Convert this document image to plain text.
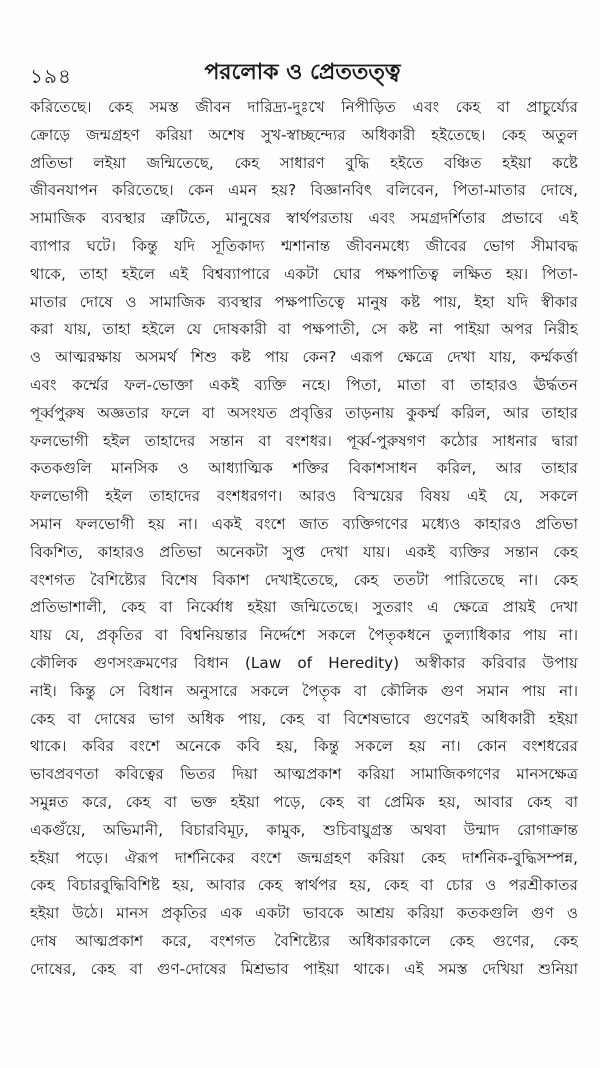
১৯৪	পরলোক ও প্রেততত্ত্ব
করিতেছে। কেহ সমস্ত জীবন দারিদ্র্য-দুঃখে নিপীড়িত এবং কেহ বা প্রাচুর্য্যের
ক্রোড়ে জন্মগ্রহণ করিয়া অশেষ সুখ-স্বাচ্ছন্দ্যের অধিকারী হইতেছে। কেহ অতুল
প্রতিভা লইয়া জন্মিতেছে, কেহ সাধারণ বুদ্ধি হইতে বঞ্চিত হইয়া কষ্টে
জীবনযাপন করিতেছে। কেন এমন হয়? বিজ্ঞানবিৎ বলিবেন, পিতা-মাতার দোষে,
সামাজিক ব্যবস্থার ত্রুটিতে, মানুষের স্বার্থপরতায় এবং সমগ্রদর্শিতার প্রভাবে এই
ব্যাপার ঘটে। কিন্তু যদি সূতিকাদ্য শ্মশানান্ত জীবনমধ্যে জীবের ভোগ সীমাবদ্ধ
থাকে, তাহা হইলে এই বিশ্বব্যাপারে একটা ঘোর পক্ষপাতিত্ব লক্ষিত হয়। পিতা-
মাতার দোষে ও সামাজিক ব্যবস্থার পক্ষপাতিত্বে মানুষ কষ্ট পায়, ইহা যদি স্বীকার
করা যায়, তাহা হইলে যে দোষকারী বা পক্ষপাতী, সে কষ্ট না পাইয়া অপর নিরীহ
ও আত্মরক্ষায় অসমর্থ শিশু কষ্ট পায় কেন? এরূপ ক্ষেত্রে দেখা যায়, কর্ম্মকর্ত্তা
এবং কর্ম্মের ফল-ভোক্তা একই ব্যক্তি নহে। পিতা, মাতা বা তাহারও ঊর্দ্ধতন
পূর্ব্বপুরুষ অজ্ঞতার ফলে বা অসংযত প্রবৃত্তির তাড়নায় কুকর্ম্ম করিল, আর তাহার
ফলভোগী হইল তাহাদের সন্তান বা বংশধর। পূর্ব্ব-পুরুষগণ কঠোর সাধনার দ্বারা
কতকগুলি মানসিক ও আধ্যাত্মিক শক্তির বিকাশসাধন করিল, আর তাহার
ফলভোগী হইল তাহাদের বংশধরগণ। আরও বিস্ময়ের বিষয় এই যে, সকলে
সমান ফলভোগী হয় না। একই বংশে জাত ব্যক্তিগণের মধ্যেও কাহারও প্রতিভা
বিকশিত, কাহারও প্রতিভা অনেকটা সুপ্ত দেখা যায়। একই ব্যক্তির সন্তান কেহ
বংশগত বৈশিষ্ট্যের বিশেষ বিকাশ দেখাইতেছে, কেহ ততটা পারিতেছে না। কেহ
প্রতিভাশালী, কেহ বা নির্ব্বোধ হইয়া জন্মিতেছে। সুতরাং এ ক্ষেত্রে প্রায়ই দেখা
যায় যে, প্রকৃতির বা বিশ্বনিয়ন্তার নির্দ্দেশে সকলে পৈতৃকধনে তুল্যাধিকার পায় না।
কৌলিক গুণসংক্রমণের বিধান (Law of Heredity) অস্বীকার করিবার উপায়
নাই। কিন্তু সে বিধান অনুসারে সকলে পৈতৃক বা কৌলিক গুণ সমান পায় না।
কেহ বা দোষের ভাগ অধিক পায়, কেহ বা বিশেষভাবে গুণেরই অধিকারী হইয়া
থাকে। কবির বংশে অনেকে কবি হয়, কিন্তু সকলে হয় না। কোন বংশধরের
ভাবপ্রবণতা কবিত্বের ভিতর দিয়া আত্মপ্রকাশ করিয়া সামাজিকগণের মানসক্ষেত্র
সমুন্নত করে, কেহ বা ভক্ত হইয়া পড়ে, কেহ বা প্রেমিক হয়, আবার কেহ বা
একগুঁয়ে, অভিমানী, বিচারবিমূঢ়, কামুক, শুচিবায়ুগ্রস্ত অথবা উন্মাদ রোগাক্রান্ত
হইয়া পড়ে। ঐরূপ দার্শনিকের বংশে জন্মগ্রহণ করিয়া কেহ দার্শনিক-বুদ্ধিসম্পন্ন,
কেহ বিচারবুদ্ধিবিশিষ্ট হয়, আবার কেহ স্বার্থপর হয়, কেহ বা চোর ও পরশ্রীকাতর
হইয়া উঠে। মানস প্রকৃতির এক একটা ভাবকে আশ্রয় করিয়া কতকগুলি গুণ ও
দোষ আত্মপ্রকাশ করে, বংশগত বৈশিষ্ট্যের অধিকারকালে কেহ গুণের, কেহ
দোষের, কেহ বা গুণ-দোষের মিশ্রভাব পাইয়া থাকে। এই সমস্ত দেখিয়া শুনিয়া
